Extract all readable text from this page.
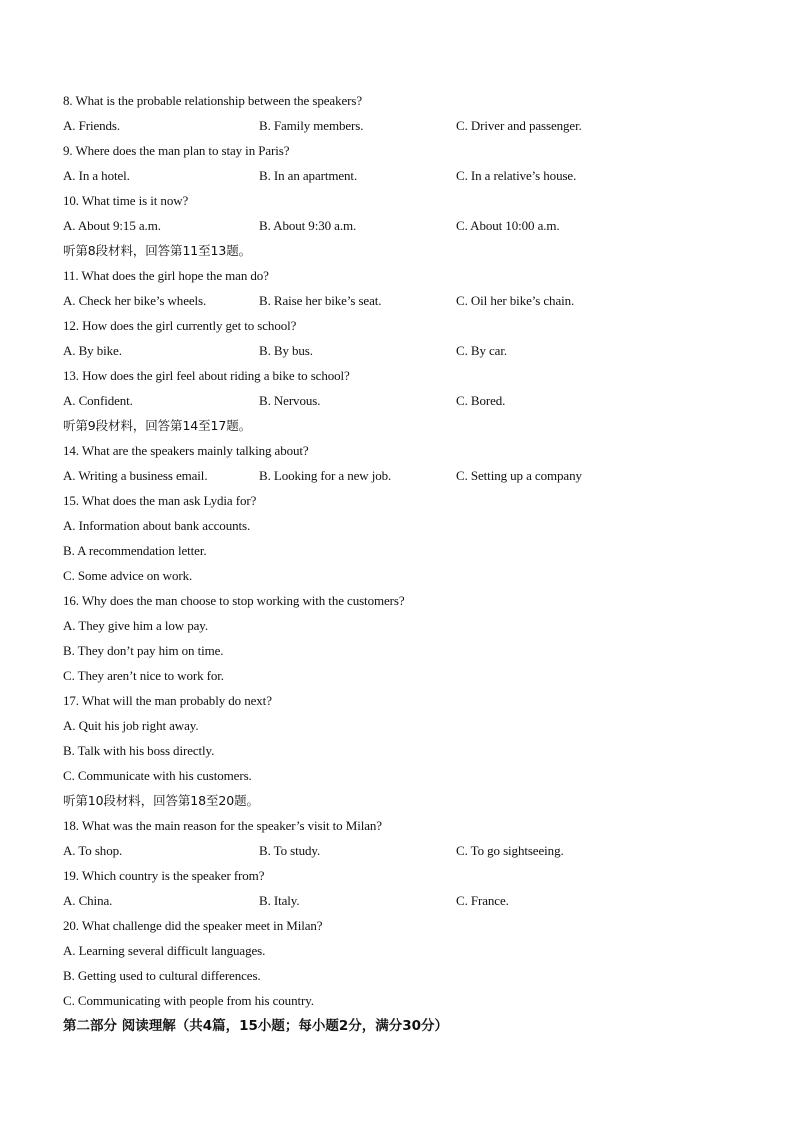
8. What is the probable relationship between the speakers?
A. Friends.	B. Family members.	C. Driver and passenger.
9. Where does the man plan to stay in Paris?
A. In a hotel.	B. In an apartment.	C. In a relative’s house.
10. What time is it now?
A. About 9:15 a.m.	B. About 9:30 a.m.	C. About 10:00 a.m.
听第8段材料，回答第11至13题。
11. What does the girl hope the man do?
A. Check her bike’s wheels.	B. Raise her bike’s seat.	C. Oil her bike’s chain.
12. How does the girl currently get to school?
A. By bike.	B. By bus.	C. By car.
13. How does the girl feel about riding a bike to school?
A. Confident.	B. Nervous.	C. Bored.
听第9段材料，回答第14至17题。
14. What are the speakers mainly talking about?
A. Writing a business email.	B. Looking for a new job.	C. Setting up a company
15. What does the man ask Lydia for?
A. Information about bank accounts.
B. A recommendation letter.
C. Some advice on work.
16. Why does the man choose to stop working with the customers?
A. They give him a low pay.
B. They don’t pay him on time.
C. They aren’t nice to work for.
17. What will the man probably do next?
A. Quit his job right away.
B. Talk with his boss directly.
C. Communicate with his customers.
听第10段材料，回答第18至20题。
18. What was the main reason for the speaker’s visit to Milan?
A. To shop.	B. To study.	C. To go sightseeing.
19. Which country is the speaker from?
A. China.	B. Italy.	C. France.
20. What challenge did the speaker meet in Milan?
A. Learning several difficult languages.
B. Getting used to cultural differences.
C. Communicating with people from his country.
第二部分 阅读理解（共4篇，15小题；每小题2分，满分30分）
